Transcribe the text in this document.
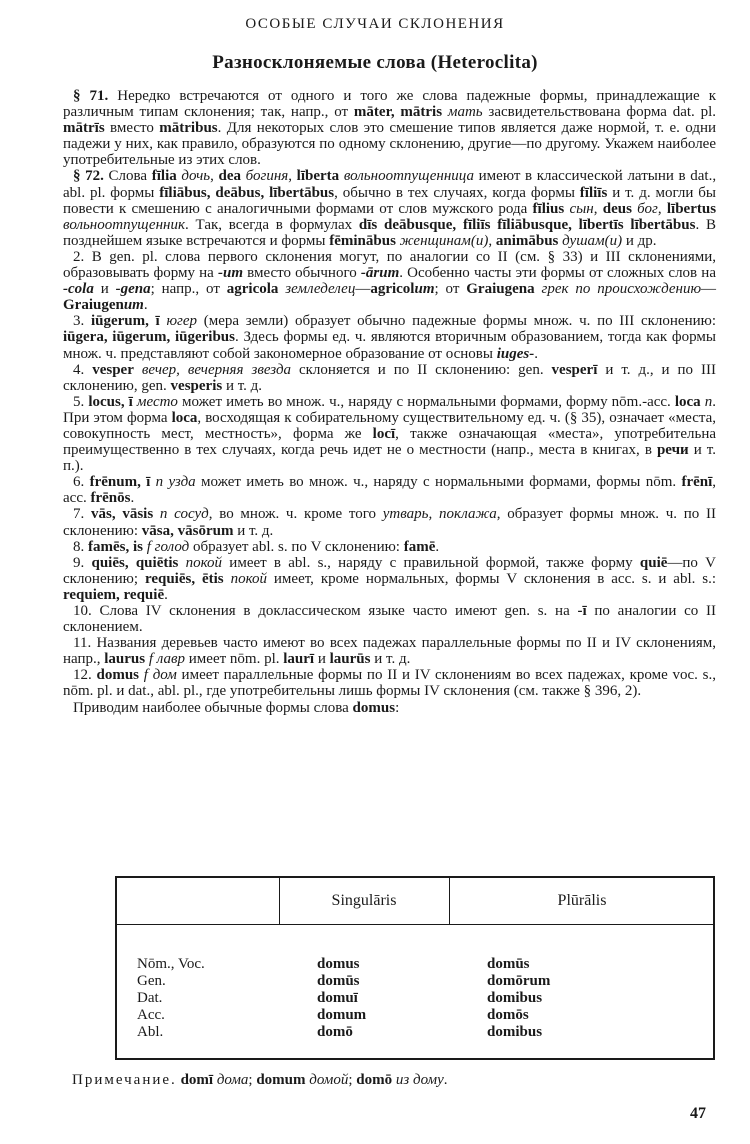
ОСОБЫЕ СЛУЧАИ СКЛОНЕНИЯ
Разносклоняемые слова (Heteroclita)

§ 71. Нередко встречаются от одного и того же слова падежные формы, принадлежащие к различным типам склонения; так, напр., от māter, mātris мать засвидетельствована форма dat. pl. mātrīs вместо mātribus. Для некоторых слов это смешение типов является даже нормой, т. е. одни падежи у них, как правило, образуются по одному склонению, другие—по другому. Укажем наиболее употребительные из этих слов.

§ 72. Слова fīlia дочь, dea богиня, līberta вольноотпущенница имеют в классической латыни в dat., abl. pl. формы fīliābus, deābus, lībertābus, обычно в тех случаях, когда формы fīliīs и т. д. могли бы повести к смешению с аналогичными формами от слов мужского рода fīlius сын, deus бог, lībertus вольноотпущенник. Так, всегда в формулах dīs deābusque, fīliīs fīliābusque, lībertīs lībertābus. В позднейшем языке встречаются и формы fēminābus женщинам(и), animābus душам(и) и др.

2. В gen. pl. слова первого склонения могут, по аналогии со II (см. § 33) и III склонениями, образовывать форму на -um вместо обычного -ārum. Особенно часты эти формы от сложных слов на -cola и -gena; напр., от agricola земледелец—agricolum; от Graiugena грек по происхождению—Graiugenum.

3. iūgerum, ī югер (мера земли) образует обычно падежные формы множ. ч. по III склонению: iūgera, iūgerum, iūgeribus. Здесь формы ед. ч. являются вторичным образованием, тогда как формы множ. ч. представляют собой закономерное образование от основы iuges-.

4. vesper вечер, вечерняя звезда склоняется и по II склонению: gen. vesperī и т. д., и по III склонению, gen. vesperis и т. д.

5. locus, ī место может иметь во множ. ч., наряду с нормальными формами, форму nōm.-acc. loca n. При этом форма loca, восходящая к собирательному существительному ед. ч. (§ 35), означает «места, совокупность мест, местность», форма же locī, также означающая «места», употребительна преимущественно в тех случаях, когда речь идет не о местности (напр., места в книгах, в речи и т. п.).

6. frēnum, ī n узда может иметь во множ. ч., наряду с нормальными формами, формы nōm. frēnī, acc. frēnōs.

7. vās, vāsis n сосуд, во множ. ч. кроме того утварь, поклажа, образует формы множ. ч. по II склонению: vāsa, vāsōrum и т. д.

8. famēs, is f голод образует abl. s. по V склонению: famē.

9. quiēs, quiētis покой имеет в abl. s., наряду с правильной формой, также форму quiē—по V склонению; requiēs, ētis покой имеет, кроме нормальных, формы V склонения в acc. s. и abl. s.: requiem, requiē.

10. Слова IV склонения в доклассическом языке часто имеют gen. s. на -ī по аналогии со II склонением.

11. Названия деревьев часто имеют во всех падежах параллельные формы по II и IV склонениям, напр., laurus f лавр имеет nōm. pl. laurī и laurūs и т. д.

12. domus f дом имеет параллельные формы по II и IV склонениям во всех падежах, кроме voc. s., nōm. pl. и dat., abl. pl., где употребительны лишь формы IV склонения (см. также § 396, 2).

Приводим наиболее обычные формы слова domus:

Singulāris	Plūrālis
Nōm., Voc.
Gen.
Dat.
Acc.
Abl.
domus
domūs
domuī
domum
domō
domūs
domōrum
domibus
domōs
domibus
Примечание. domī дома; domum домой; domō из дому.
47
